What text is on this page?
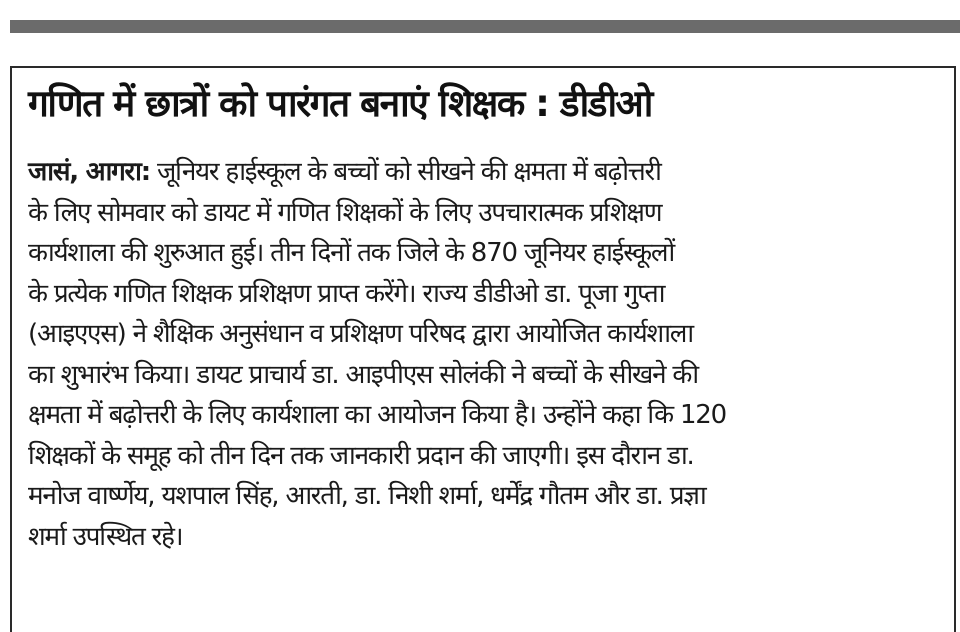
गणित में छात्रों को पारंगत बनाएं शिक्षक : डीडीओ

जासं, आगरा: जूनियर हाईस्कूल के बच्चों को सीखने की क्षमता में बढ़ोत्तरी
के लिए सोमवार को डायट में गणित शिक्षकों के लिए उपचारात्मक प्रशिक्षण
कार्यशाला की शुरुआत हुई। तीन दिनों तक जिले के 870 जूनियर हाईस्कूलों
के प्रत्येक गणित शिक्षक प्रशिक्षण प्राप्त करेंगे। राज्य डीडीओ डा. पूजा गुप्ता
(आइएएस) ने शैक्षिक अनुसंधान व प्रशिक्षण परिषद द्वारा आयोजित कार्यशाला
का शुभारंभ किया। डायट प्राचार्य डा. आइपीएस सोलंकी ने बच्चों के सीखने की
क्षमता में बढ़ोत्तरी के लिए कार्यशाला का आयोजन किया है। उन्होंने कहा कि 120
शिक्षकों के समूह को तीन दिन तक जानकारी प्रदान की जाएगी। इस दौरान डा.
मनोज वार्ष्णेय, यशपाल सिंह, आरती, डा. निशी शर्मा, धर्मेंद्र गौतम और डा. प्रज्ञा
शर्मा उपस्थित रहे।
